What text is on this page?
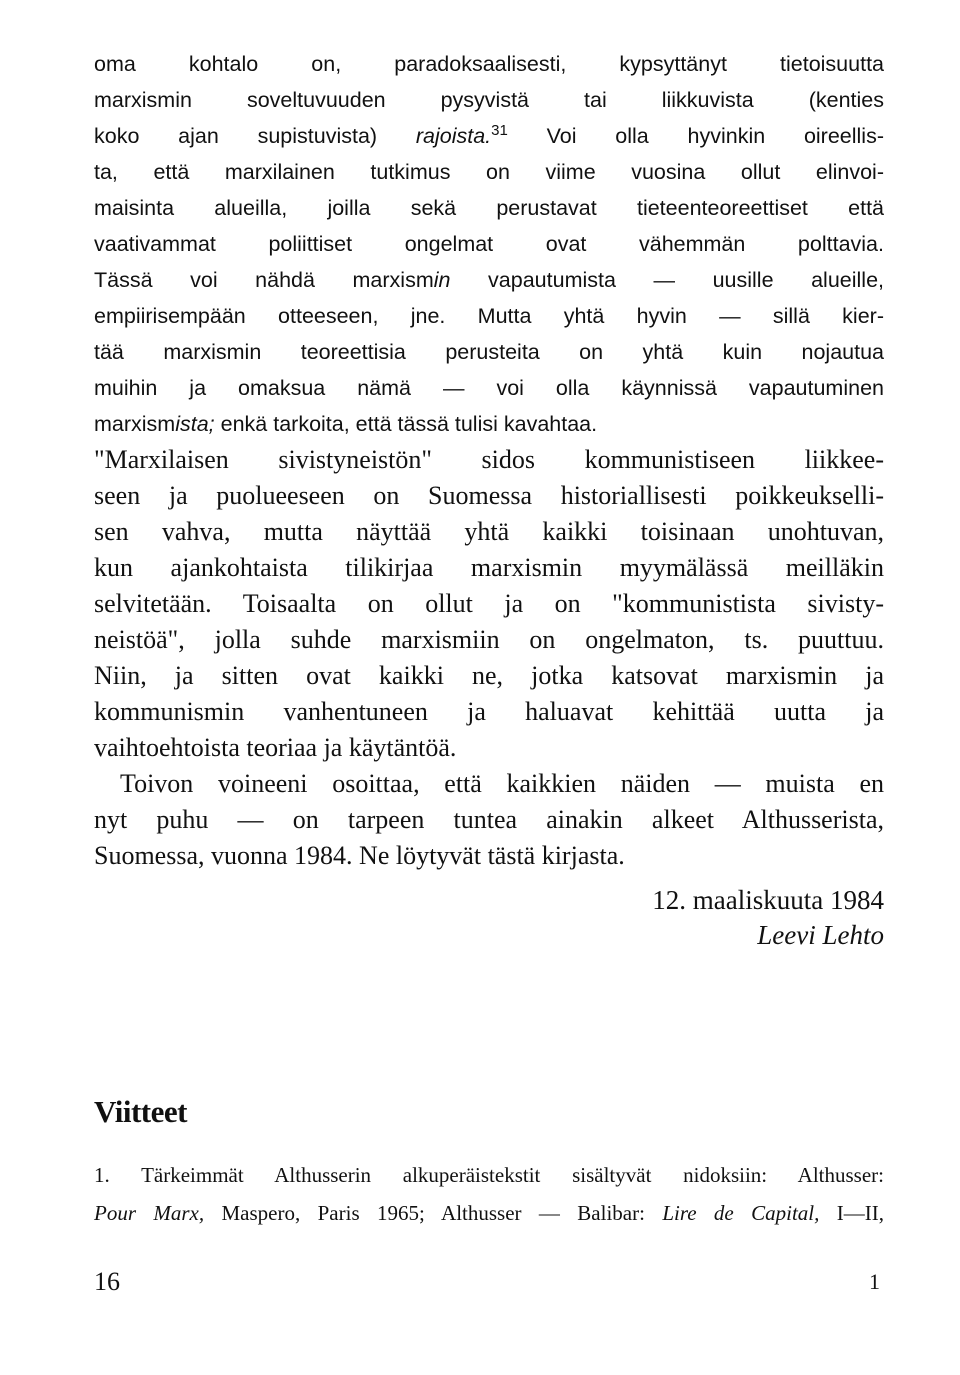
oma kohtalo on, paradoksaalisesti, kypsyttänyt tietoisuutta
marxismin soveltuvuuden pysyvistä tai liikkuvista (kenties
koko ajan supistuvista) rajoista.$^{31}$ Voi olla hyvinkin oireellis-
ta, että marxilainen tutkimus on viime vuosina ollut elinvoi-
maisinta alueilla, joilla sekä perustavat tieteenteoreettiset että
vaativammat poliittiset ongelmat ovat vähemmän polttavia.
Tässä voi nähdä marxismin vapautumista — uusille alueille,
empiirisempään otteeseen, jne. Mutta yhtä hyvin — sillä kier-
tää marxismin teoreettisia perusteita on yhtä kuin nojautua
muihin ja omaksua nämä — voi olla käynnissä vapautuminen
marxismista; enkä tarkoita, että tässä tulisi kavahtaa.
"Marxilaisen sivistyneistön" sidos kommunistiseen liikkee-
seen ja puolueeseen on Suomessa historiallisesti poikkeukselli-
sen vahva, mutta näyttää yhtä kaikki toisinaan unohtuvan,
kun ajankohtaista tilikirjaa marxismin myymälässä meilläkin
selvitetään. Toisaalta on ollut ja on "kommunistista sivisty-
neistöä", jolla suhde marxismiin on ongelmaton, ts. puuttuu.
Niin, ja sitten ovat kaikki ne, jotka katsovat marxismin ja
kommunismin vanhentuneen ja haluavat kehittää uutta ja
vaihtoehtoista teoriaa ja käytäntöä.
Toivon voineeni osoittaa, että kaikkien näiden — muista en
nyt puhu — on tarpeen tuntea ainakin alkeet Althusserista,
Suomessa, vuonna 1984. Ne löytyvät tästä kirjasta.
12. maaliskuuta 1984
Leevi Lehto
Viitteet
1. Tärkeimmät Althusserin alkuperäistekstit sisältyvät nidoksiin: Althusser:
Pour Marx, Maspero, Paris 1965; Althusser — Balibar: Lire de Capital, I—II,
16	1
